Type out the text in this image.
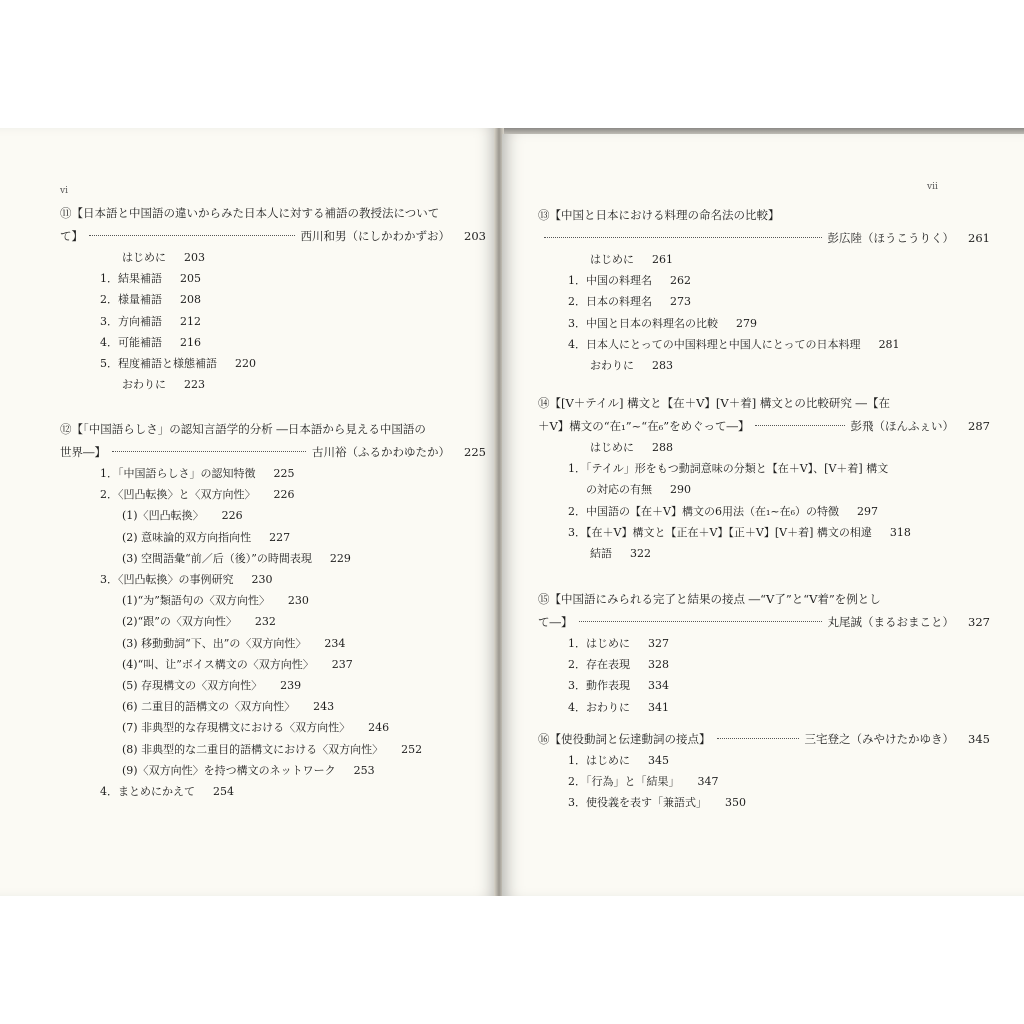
vi
⑪【日本語と中国語の違いからみた日本人に対する補語の教授法について
て】	西川和男（にしかわかずお） 203
はじめに 203
1．結果補語 205
2．様量補語 208
3．方向補語 212
4．可能補語 216
5．程度補語と様態補語 220
おわりに 223
⑫【「中国語らしさ」の認知言語学的分析 ―日本語から見える中国語の
世界―】	古川裕（ふるかわゆたか） 225
1．「中国語らしさ」の認知特徴 225
2．〈凹凸転換〉と〈双方向性〉 226
(1)〈凹凸転換〉 226
(2) 意味論的双方向指向性 227
(3) 空間語彙“前／后（後）”の時間表現 229
3．〈凹凸転換〉の事例研究 230
(1)“为”類語句の〈双方向性〉 230
(2)“跟”の〈双方向性〉 232
(3) 移動動詞“下、出”の〈双方向性〉 234
(4)“叫、让”ボイス構文の〈双方向性〉 237
(5) 存現構文の〈双方向性〉 239
(6) 二重目的語構文の〈双方向性〉 243
(7) 非典型的な存現構文における〈双方向性〉 246
(8) 非典型的な二重目的語構文における〈双方向性〉 252
(9)〈双方向性〉を持つ構文のネットワーク 253
4．まとめにかえて 254
vii
⑬【中国と日本における料理の命名法の比較】
彭広陸（ほうこうりく） 261
はじめに 261
1．中国の料理名 262
2．日本の料理名 273
3．中国と日本の料理名の比較 279
4．日本人にとっての中国料理と中国人にとっての日本料理 281
おわりに 283
⑭【[V＋テイル] 構文と【在＋V】[V＋着] 構文との比較研究 ―【在
＋V】構文の“在₁”~“在₆”をめぐって―】	彭飛（ほんふぇい） 287
はじめに 288
1．「テイル」形をもつ動詞意味の分類と【在＋V】、[V＋着] 構文
の対応の有無 290
2．中国語の【在＋V】構文の6用法（在₁~在₆）の特徴 297
3．【在＋V】構文と【正在＋V】【正＋V】[V＋着] 構文の相違 318
結語 322
⑮【中国語にみられる完了と結果の接点 ―“V了”と“V着”を例とし
て―】	丸尾誠（まるおまこと） 327
1．はじめに 327
2．存在表現 328
3．動作表現 334
4．おわりに 341
⑯【使役動詞と伝達動詞の接点】	三宅登之（みやけたかゆき） 345
1．はじめに 345
2．「行為」と「結果」 347
3．使役義を表す「兼語式」 350
